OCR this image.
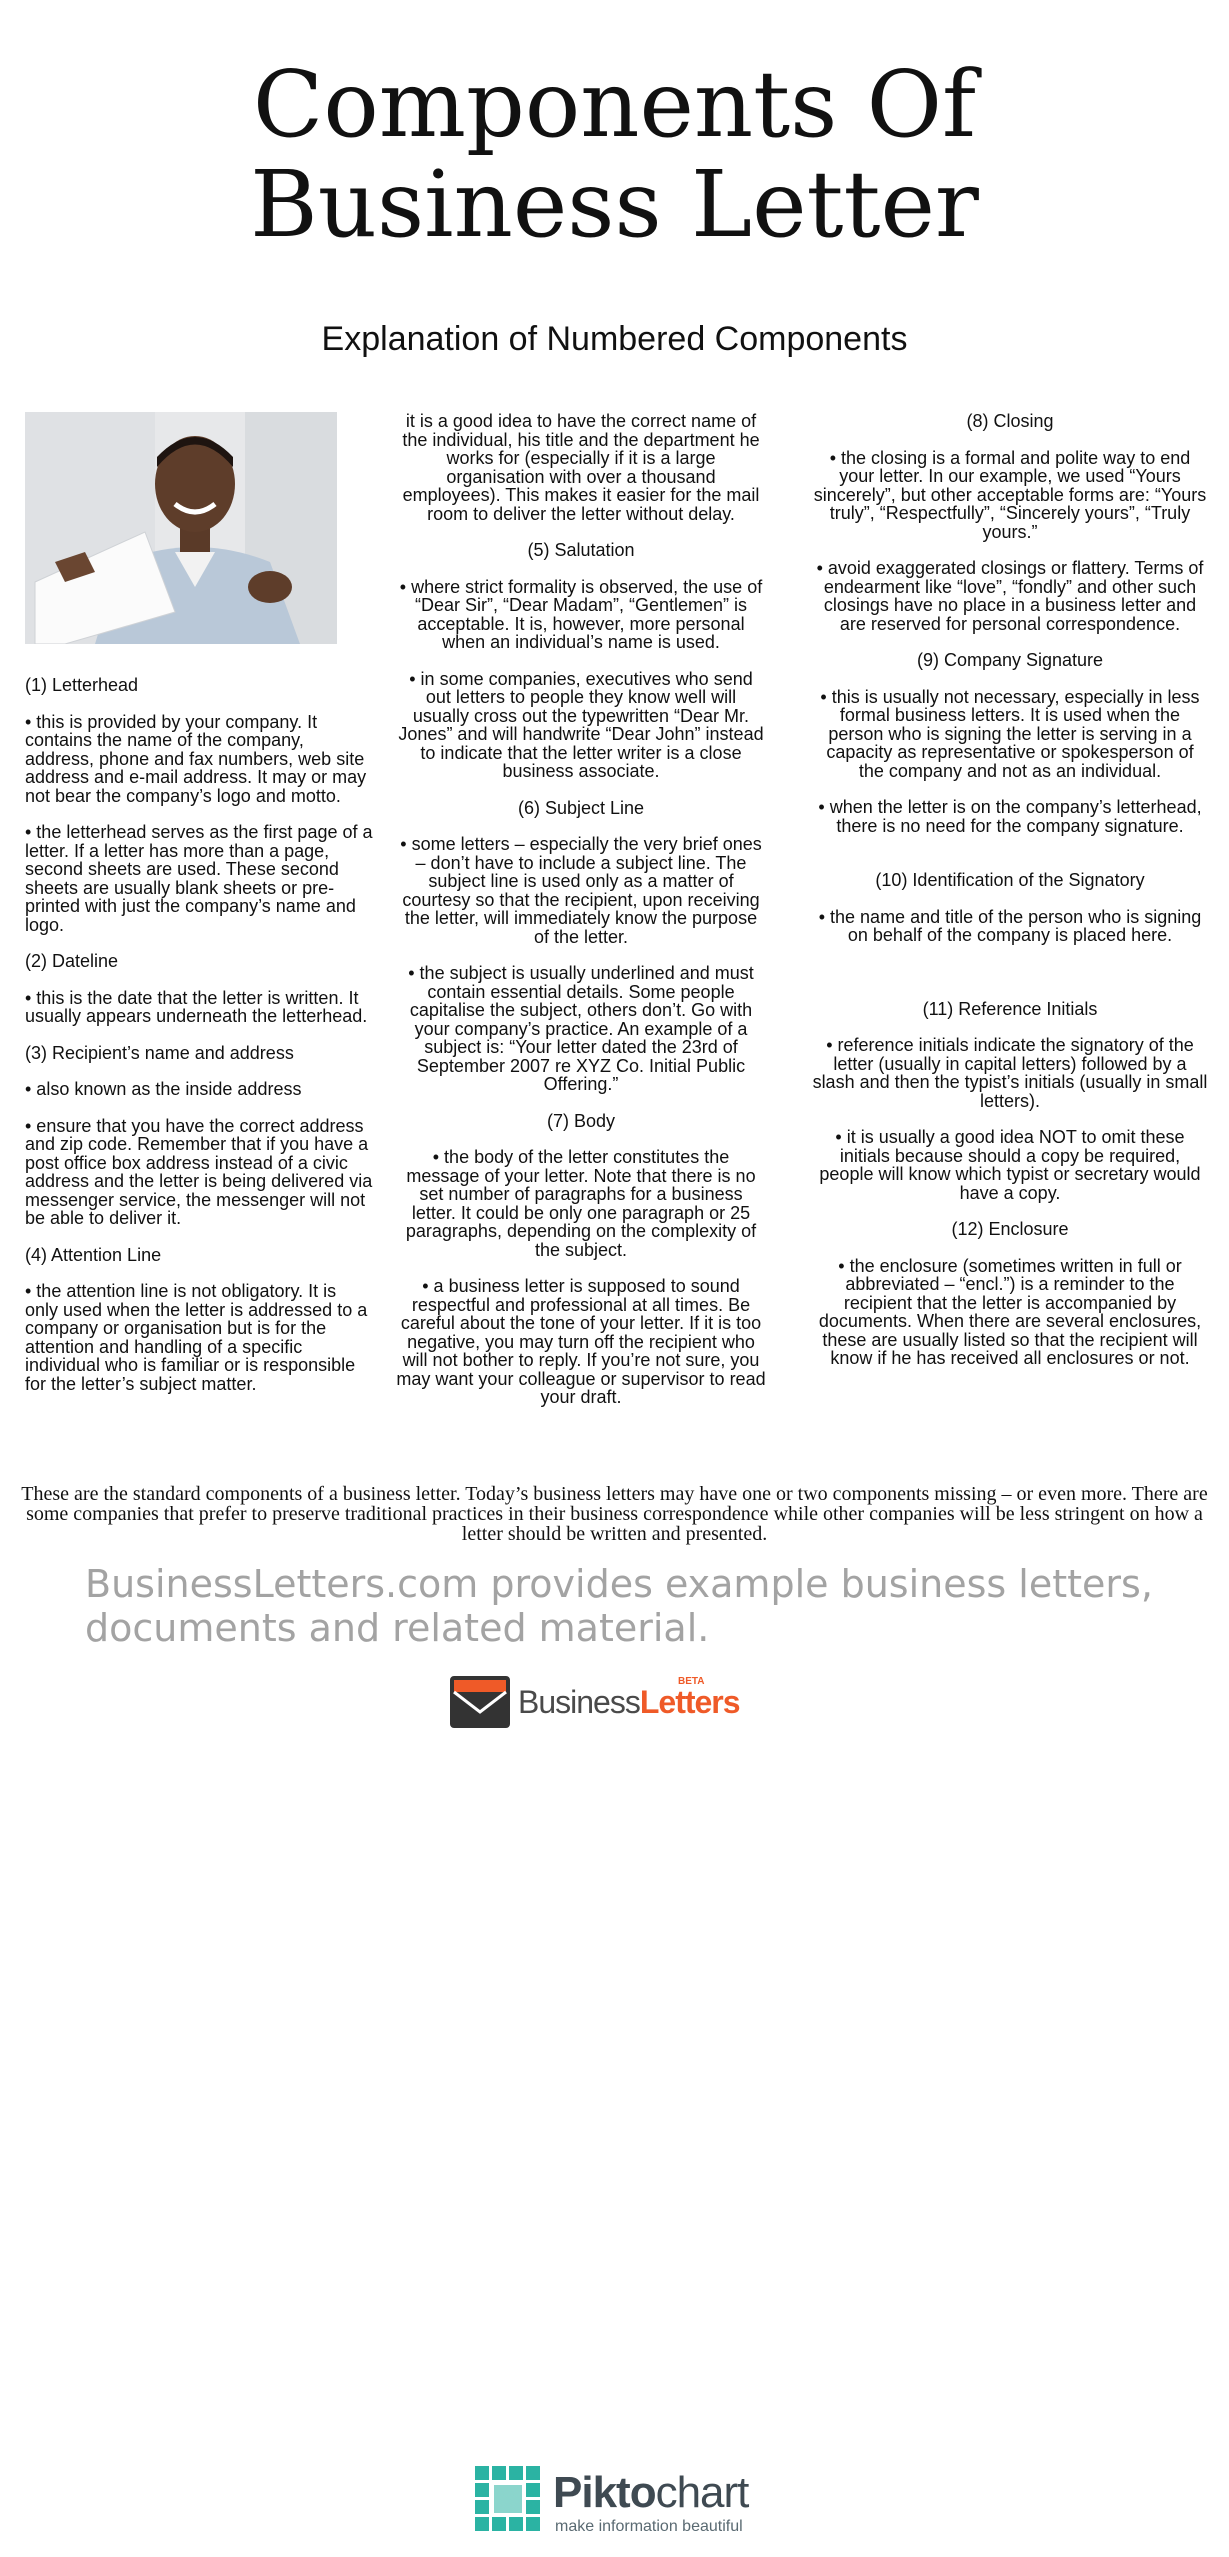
Components Of
Business Letter
Explanation of Numbered Components
(1) Letterhead

• this is provided by your company. It contains the name of the company, address, phone and fax numbers, web site address and e-mail address. It may or may not bear the company’s logo and motto.

• the letterhead serves as the first page of a letter. If a letter has more than a page, second sheets are used. These second sheets are usually blank sheets or pre-printed with just the company’s name and logo.

(2) Dateline

• this is the date that the letter is written. It usually appears underneath the letterhead.

(3) Recipient’s name and address

• also known as the inside address

• ensure that you have the correct address and zip code. Remember that if you have a post office box address instead of a civic address and the letter is being delivered via messenger service, the messenger will not be able to deliver it.

(4) Attention Line

• the attention line is not obligatory. It is only used when the letter is addressed to a company or organisation but is for the attention and handling of a specific individual who is familiar or is responsible for the letter’s subject matter.

it is a good idea to have the correct name of the individual, his title and the department he works for (especially if it is a large organisation with over a thousand employees). This makes it easier for the mail room to deliver the letter without delay.

(5) Salutation

• where strict formality is observed, the use of “Dear Sir”, “Dear Madam”, “Gentlemen” is acceptable. It is, however, more personal when an individual’s name is used.

• in some companies, executives who send out letters to people they know well will usually cross out the typewritten “Dear Mr. Jones” and will handwrite “Dear John” instead to indicate that the letter writer is a close business associate.

(6) Subject Line

• some letters – especially the very brief ones – don’t have to include a subject line. The subject line is used only as a matter of courtesy so that the recipient, upon receiving the letter, will immediately know the purpose of the letter.

• the subject is usually underlined and must contain essential details. Some people capitalise the subject, others don’t. Go with your company’s practice. An example of a subject is: “Your letter dated the 23rd of September 2007 re XYZ Co. Initial Public Offering.”

(7) Body

• the body of the letter constitutes the message of your letter. Note that there is no set number of paragraphs for a business letter. It could be only one paragraph or 25 paragraphs, depending on the complexity of the subject.

• a business letter is supposed to sound respectful and professional at all times. Be careful about the tone of your letter. If it is too negative, you may turn off the recipient who will not bother to reply. If you’re not sure, you may want your colleague or supervisor to read your draft.

(8) Closing

• the closing is a formal and polite way to end your letter. In our example, we used “Yours sincerely”, but other acceptable forms are: “Yours truly”, “Respectfully”, “Sincerely yours”, “Truly yours.”

• avoid exaggerated closings or flattery. Terms of endearment like “love”, “fondly” and other such closings have no place in a business letter and are reserved for personal correspondence.

(9) Company Signature

• this is usually not necessary, especially in less formal business letters. It is used when the person who is signing the letter is serving in a capacity as representative or spokesperson of the company and not as an individual.

• when the letter is on the company’s letterhead, there is no need for the company signature.

(10) Identification of the Signatory

• the name and title of the person who is signing on behalf of the company is placed here.

(11) Reference Initials

• reference initials indicate the signatory of the letter (usually in capital letters) followed by a slash and then the typist’s initials (usually in small letters).

• it is usually a good idea NOT to omit these initials because should a copy be required, people will know which typist or secretary would have a copy.

(12) Enclosure

• the enclosure (sometimes written in full or abbreviated – “encl.”) is a reminder to the recipient that the letter is accompanied by documents. When there are several enclosures, these are usually listed so that the recipient will know if he has received all enclosures or not.

These are the standard components of a business letter. Today’s business letters may have one or two components missing – or even more. There are some companies that prefer to preserve traditional practices in their business correspondence while other companies will be less stringent on how a letter should be written and presented.
BusinessLetters.com provides example business letters, documents and related material.
BusinessLetters
BETA
Piktochart
make information beautiful
